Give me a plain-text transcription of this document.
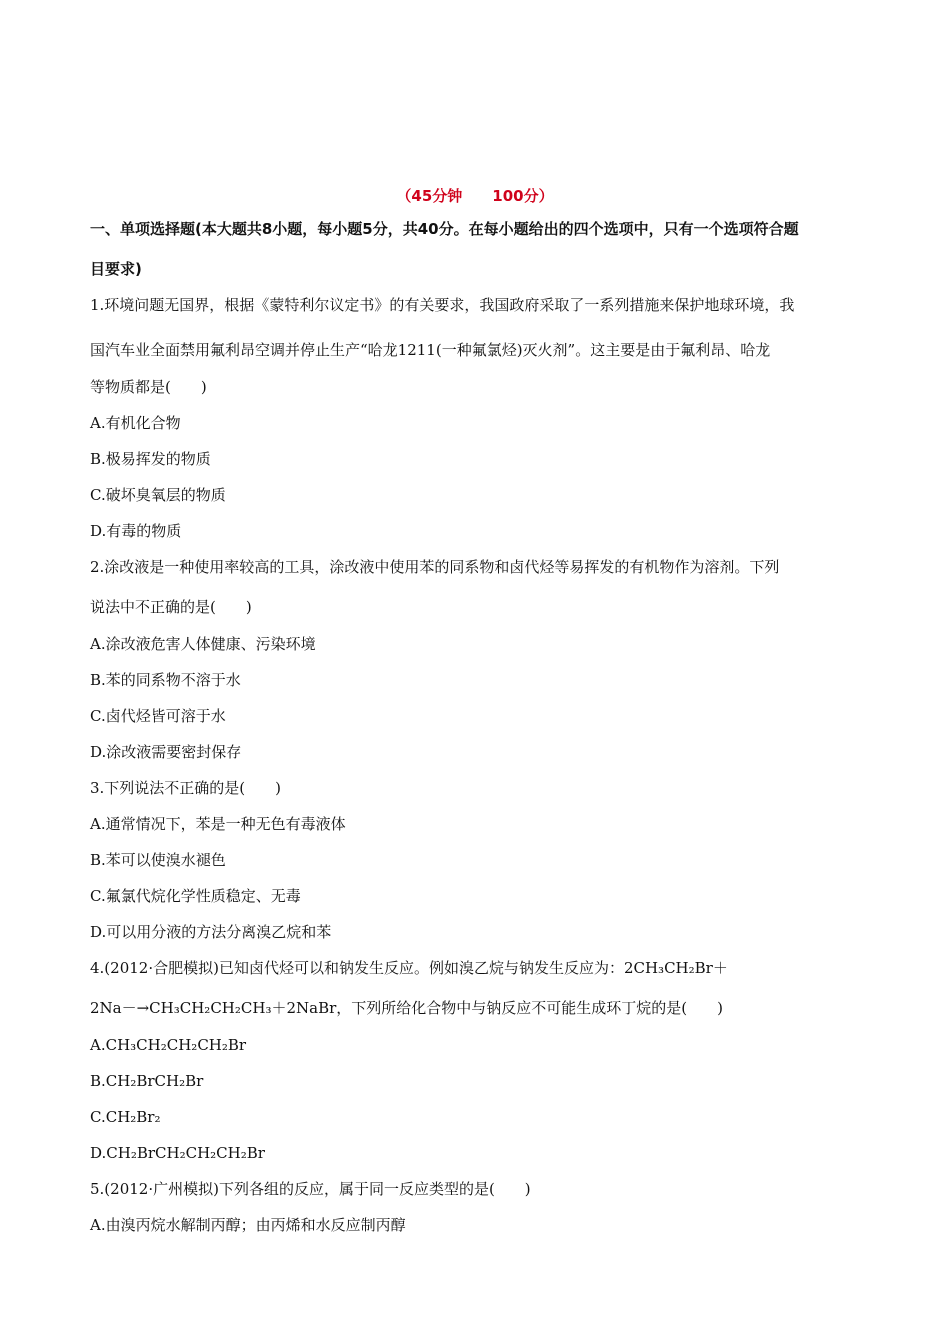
（45分钟　　100分）
一、单项选择题(本大题共8小题，每小题5分，共40分。在每小题给出的四个选项中，只有一个选项符合题
目要求)
1.环境问题无国界，根据《蒙特利尔议定书》的有关要求，我国政府采取了一系列措施来保护地球环境，我
国汽车业全面禁用氟利昂空调并停止生产“哈龙1211(一种氟氯烃)灭火剂”。这主要是由于氟利昂、哈龙
等物质都是(　　)
A.有机化合物
B.极易挥发的物质
C.破坏臭氧层的物质
D.有毒的物质
2.涂改液是一种使用率较高的工具，涂改液中使用苯的同系物和卤代烃等易挥发的有机物作为溶剂。下列
说法中不正确的是(　　)
A.涂改液危害人体健康、污染环境
B.苯的同系物不溶于水
C.卤代烃皆可溶于水
D.涂改液需要密封保存
3.下列说法不正确的是(　　)
A.通常情况下，苯是一种无色有毒液体
B.苯可以使溴水褪色
C.氟氯代烷化学性质稳定、无毒
D.可以用分液的方法分离溴乙烷和苯
4.(2012·合肥模拟)已知卤代烃可以和钠发生反应。例如溴乙烷与钠发生反应为：2CH₃CH₂Br＋
2Na－→CH₃CH₂CH₂CH₃＋2NaBr，下列所给化合物中与钠反应不可能生成环丁烷的是(　　)
A.CH₃CH₂CH₂CH₂Br
B.CH₂BrCH₂Br
C.CH₂Br₂
D.CH₂BrCH₂CH₂CH₂Br
5.(2012·广州模拟)下列各组的反应，属于同一反应类型的是(　　)
A.由溴丙烷水解制丙醇；由丙烯和水反应制丙醇
